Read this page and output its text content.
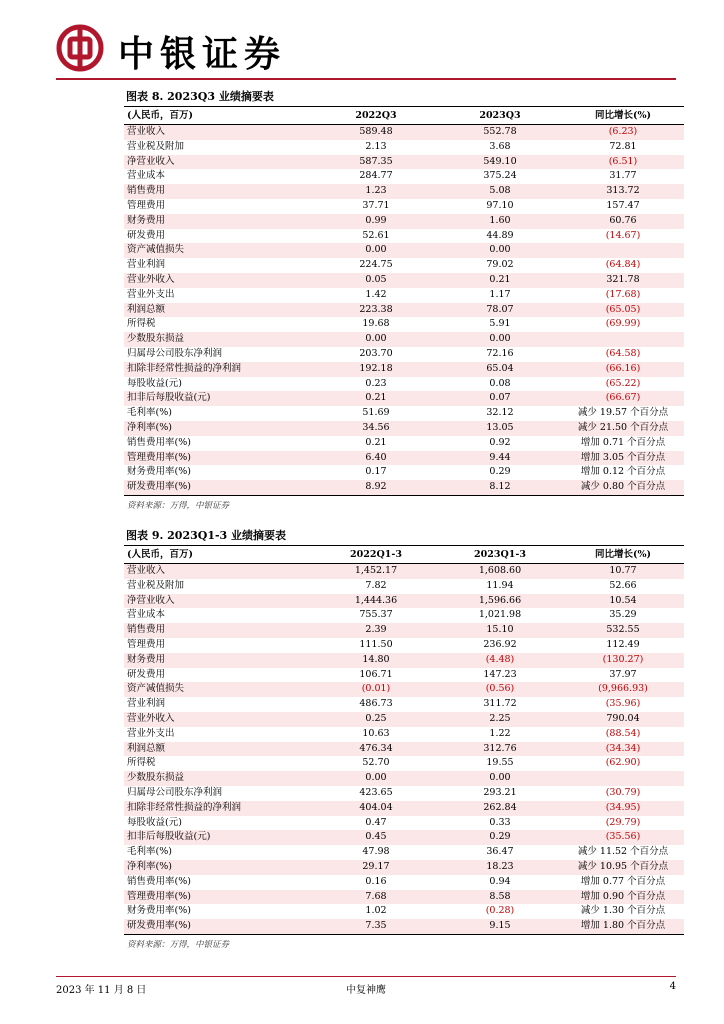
中银证券
图表 8. 2023Q3 业绩摘要表
(人民币，百万)	2022Q3	2023Q3	同比增长(%)
营业收入	589.48	552.78	(6.23)
营业税及附加	2.13	3.68	72.81
净营业收入	587.35	549.10	(6.51)
营业成本	284.77	375.24	31.77
销售费用	1.23	5.08	313.72
管理费用	37.71	97.10	157.47
财务费用	0.99	1.60	60.76
研发费用	52.61	44.89	(14.67)
资产减值损失	0.00	0.00	
营业利润	224.75	79.02	(64.84)
营业外收入	0.05	0.21	321.78
营业外支出	1.42	1.17	(17.68)
利润总额	223.38	78.07	(65.05)
所得税	19.68	5.91	(69.99)
少数股东损益	0.00	0.00	
归属母公司股东净利润	203.70	72.16	(64.58)
扣除非经常性损益的净利润	192.18	65.04	(66.16)
每股收益(元)	0.23	0.08	(65.22)
扣非后每股收益(元)	0.21	0.07	(66.67)
毛利率(%)	51.69	32.12	减少 19.57 个百分点
净利率(%)	34.56	13.05	减少 21.50 个百分点
销售费用率(%)	0.21	0.92	增加 0.71 个百分点
管理费用率(%)	6.40	9.44	增加 3.05 个百分点
财务费用率(%)	0.17	0.29	增加 0.12 个百分点
研发费用率(%)	8.92	8.12	减少 0.80 个百分点
资料来源：万得，中银证券
图表 9. 2023Q1-3 业绩摘要表
(人民币，百万)	2022Q1-3	2023Q1-3	同比增长(%)
营业收入	1,452.17	1,608.60	10.77
营业税及附加	7.82	11.94	52.66
净营业收入	1,444.36	1,596.66	10.54
营业成本	755.37	1,021.98	35.29
销售费用	2.39	15.10	532.55
管理费用	111.50	236.92	112.49
财务费用	14.80	(4.48)	(130.27)
研发费用	106.71	147.23	37.97
资产减值损失	(0.01)	(0.56)	(9,966.93)
营业利润	486.73	311.72	(35.96)
营业外收入	0.25	2.25	790.04
营业外支出	10.63	1.22	(88.54)
利润总额	476.34	312.76	(34.34)
所得税	52.70	19.55	(62.90)
少数股东损益	0.00	0.00	
归属母公司股东净利润	423.65	293.21	(30.79)
扣除非经常性损益的净利润	404.04	262.84	(34.95)
每股收益(元)	0.47	0.33	(29.79)
扣非后每股收益(元)	0.45	0.29	(35.56)
毛利率(%)	47.98	36.47	减少 11.52 个百分点
净利率(%)	29.17	18.23	减少 10.95 个百分点
销售费用率(%)	0.16	0.94	增加 0.77 个百分点
管理费用率(%)	7.68	8.58	增加 0.90 个百分点
财务费用率(%)	1.02	(0.28)	减少 1.30 个百分点
研发费用率(%)	7.35	9.15	增加 1.80 个百分点
资料来源：万得，中银证券
2023 年 11 月 8 日	中复神鹰	4
